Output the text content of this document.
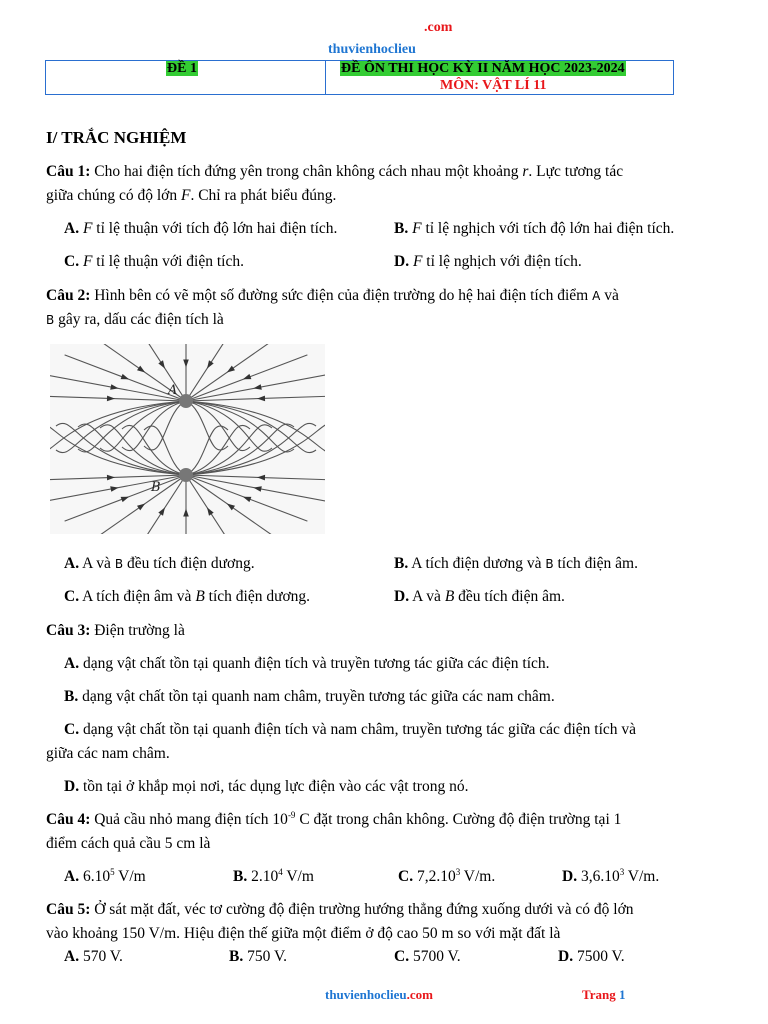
.com
thuvienhoclieu
ĐỀ 1	ĐỀ ÔN THI HỌC KỲ II NĂM HỌC 2023-2024
MÔN: VẬT LÍ 11
I/ TRẮC NGHIỆM
Câu 1: Cho hai điện tích đứng yên trong chân không cách nhau một khoảng r. Lực tương tác
giữa chúng có độ lớn F. Chỉ ra phát biểu đúng.
A. F tỉ lệ thuận với tích độ lớn hai điện tích.	B. F tỉ lệ nghịch với tích độ lớn hai điện tích.
C. F tỉ lệ thuận với điện tích.	D. F tỉ lệ nghịch với điện tích.
Câu 2: Hình bên có vẽ một số đường sức điện của điện trường do hệ hai điện tích điểm A và
B gây ra, dấu các điện tích là
A
B
A. A và B đều tích điện dương.	B. A tích điện dương và B tích điện âm.
C. A tích điện âm và B tích điện dương.	D. A và B đều tích điện âm.
Câu 3: Điện trường là
A. dạng vật chất tồn tại quanh điện tích và truyền tương tác giữa các điện tích.
B. dạng vật chất tồn tại quanh nam châm, truyền tương tác giữa các nam châm.
C. dạng vật chất tồn tại quanh điện tích và nam châm, truyền tương tác giữa các điện tích và
giữa các nam châm.
D. tồn tại ở khắp mọi nơi, tác dụng lực điện vào các vật trong nó.
Câu 4: Quả cầu nhỏ mang điện tích $10^{-9}$ C đặt trong chân không. Cường độ điện trường tại 1
điểm cách quả cầu 5 cm là
A. 6.10$^5$ V/m	B. 2.10$^4$ V/m	C. 7,2.10$^3$ V/m.	D. 3,6.10$^3$ V/m.
Câu 5: Ở sát mặt đất, véc tơ cường độ điện trường hướng thẳng đứng xuống dưới và có độ lớn
vào khoảng 150 V/m. Hiệu điện thế giữa một điểm ở độ cao 50 m so với mặt đất là
A. 570 V.	B. 750 V.	C. 5700 V.	D. 7500 V.
thuvienhoclieu.com	Trang 1
